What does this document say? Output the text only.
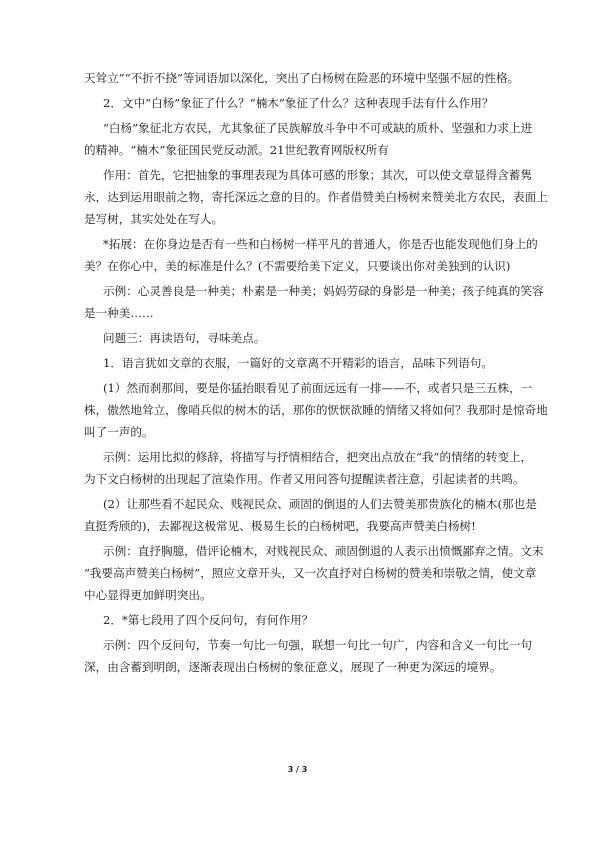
天耸立”“不折不挠”等词语加以深化，突出了白杨树在险恶的环境中坚强不屈的性格。

2．文中“白杨”象征了什么？“楠木”象征了什么？这种表现手法有什么作用？

“白杨”象征北方农民，尤其象征了民族解放斗争中不可或缺的质朴、坚强和力求上进

的精神。“楠木”象征国民党反动派。21世纪教育网版权所有

作用：首先，它把抽象的事理表现为具体可感的形象；其次，可以使文章显得含蓄隽

永，达到运用眼前之物，寄托深远之意的目的。作者借赞美白杨树来赞美北方农民，表面上

是写树，其实处处在写人。

*拓展：在你身边是否有一些和白杨树一样平凡的普通人，你是否也能发现他们身上的

美？在你心中，美的标准是什么？(不需要给美下定义，只要谈出你对美独到的认识)

示例：心灵善良是一种美；朴素是一种美；妈妈劳碌的身影是一种美；孩子纯真的笑容

是一种美……

问题三：再读语句，寻味美点。

1．语言犹如文章的衣服，一篇好的文章离不开精彩的语言，品味下列语句。

(1）然而刹那间，要是你猛抬眼看见了前面远远有一排——不，或者只是三五株，一

株，傲然地耸立，像哨兵似的树木的话，那你的恹恹欲睡的情绪又将如何？我那时是惊奇地

叫了一声的。

示例：运用比拟的修辞，将描写与抒情相结合，把突出点放在“我”的情绪的转变上，

为下文白杨树的出现起了渲染作用。作者又用问答句提醒读者注意，引起读者的共鸣。

(2）让那些看不起民众、贱视民众、顽固的倒退的人们去赞美那贵族化的楠木(那也是

直挺秀颀的)，去鄙视这极常见、极易生长的白杨树吧，我要高声赞美白杨树!

示例：直抒胸臆，借评论楠木，对贱视民众、顽固倒退的人表示出愤慨鄙弃之情。文末

“我要高声赞美白杨树”，照应文章开头，又一次直抒对白杨树的赞美和崇敬之情，使文章

中心显得更加鲜明突出。

2．*第七段用了四个反问句，有何作用？

示例：四个反问句，节奏一句比一句强，联想一句比一句广，内容和含义一句比一句

深，由含蓄到明朗，逐渐表现出白杨树的象征意义，展现了一种更为深远的境界。

3 / 3
